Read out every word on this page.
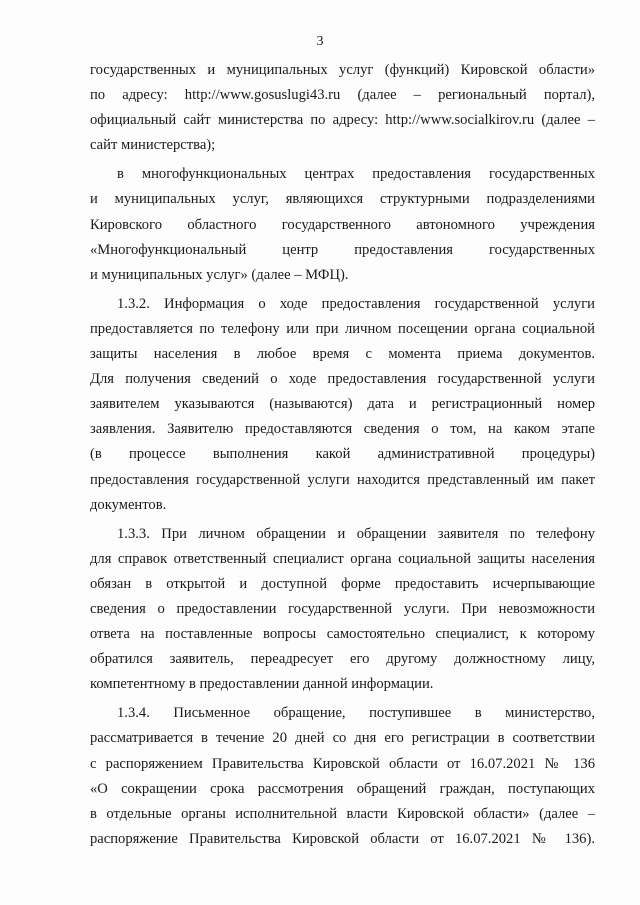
3
государственных и муниципальных услуг (функций) Кировской области»
по адресу: http://www.gosuslugi43.ru (далее – региональный портал),
официальный сайт министерства по адресу: http://www.socialkirov.ru (далее –
сайт министерства);
в многофункциональных центрах предоставления государственных
и муниципальных услуг, являющихся структурными подразделениями
Кировского областного государственного автономного учреждения
«Многофункциональный центр предоставления государственных
и муниципальных услуг» (далее – МФЦ).
1.3.2. Информация о ходе предоставления государственной услуги
предоставляется по телефону или при личном посещении органа социальной
защиты населения в любое время с момента приема документов.
Для получения сведений о ходе предоставления государственной услуги
заявителем указываются (называются) дата и регистрационный номер
заявления. Заявителю предоставляются сведения о том, на каком этапе
(в процессе выполнения какой административной процедуры)
предоставления государственной услуги находится представленный им пакет
документов.
1.3.3. При личном обращении и обращении заявителя по телефону
для справок ответственный специалист органа социальной защиты населения
обязан в открытой и доступной форме предоставить исчерпывающие
сведения о предоставлении государственной услуги. При невозможности
ответа на поставленные вопросы самостоятельно специалист, к которому
обратился заявитель, переадресует его другому должностному лицу,
компетентному в предоставлении данной информации.
1.3.4. Письменное обращение, поступившее в министерство,
рассматривается в течение 20 дней со дня его регистрации в соответствии
с распоряжением Правительства Кировской области от 16.07.2021 № 136
«О сокращении срока рассмотрения обращений граждан, поступающих
в отдельные органы исполнительной власти Кировской области» (далее –
распоряжение Правительства Кировской области от 16.07.2021 № 136).
